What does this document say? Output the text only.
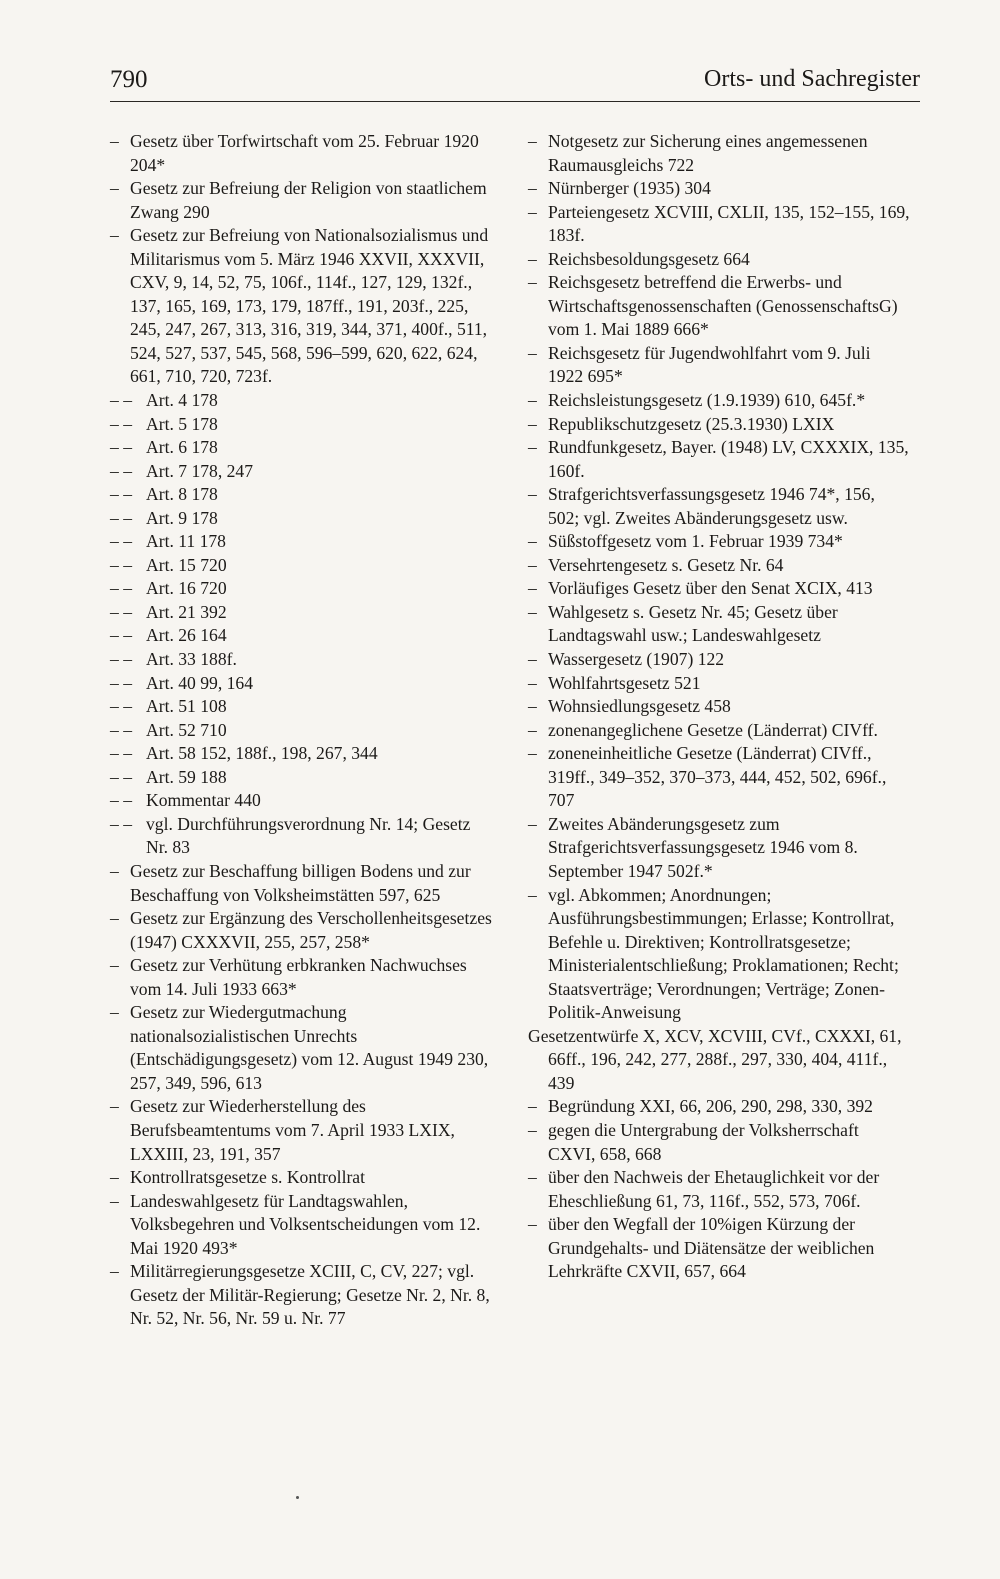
790	Orts- und Sachregister
– Gesetz über Torfwirtschaft vom 25. Februar 1920 204*
– Gesetz zur Befreiung der Religion von staatlichem Zwang 290
– Gesetz zur Befreiung von Nationalsozialismus und Militarismus vom 5. März 1946 XXVII, XXXVII, CXV, 9, 14, 52, 75, 106f., 114f., 127, 129, 132f., 137, 165, 169, 173, 179, 187ff., 191, 203f., 225, 245, 247, 267, 313, 316, 319, 344, 371, 400f., 511, 524, 527, 537, 545, 568, 596–599, 620, 622, 624, 661, 710, 720, 723f.
– – Art. 4 178
– – Art. 5 178
– – Art. 6 178
– – Art. 7 178, 247
– – Art. 8 178
– – Art. 9 178
– – Art. 11 178
– – Art. 15 720
– – Art. 16 720
– – Art. 21 392
– – Art. 26 164
– – Art. 33 188f.
– – Art. 40 99, 164
– – Art. 51 108
– – Art. 52 710
– – Art. 58 152, 188f., 198, 267, 344
– – Art. 59 188
– – Kommentar 440
– – vgl. Durchführungsverordnung Nr. 14; Gesetz Nr. 83
– Gesetz zur Beschaffung billigen Bodens und zur Beschaffung von Volksheimstätten 597, 625
– Gesetz zur Ergänzung des Verschollenheitsgesetzes (1947) CXXXVII, 255, 257, 258*
– Gesetz zur Verhütung erbkranken Nachwuchses vom 14. Juli 1933 663*
– Gesetz zur Wiedergutmachung nationalsozialistischen Unrechts (Entschädigungsgesetz) vom 12. August 1949 230, 257, 349, 596, 613
– Gesetz zur Wiederherstellung des Berufsbeamtentums vom 7. April 1933 LXIX, LXXIII, 23, 191, 357
– Kontrollratsgesetze s. Kontrollrat
– Landeswahlgesetz für Landtagswahlen, Volksbegehren und Volksentscheidungen vom 12. Mai 1920 493*
– Militärregierungsgesetze XCIII, C, CV, 227; vgl. Gesetz der Militär-Regierung; Gesetze Nr. 2, Nr. 8, Nr. 52, Nr. 56, Nr. 59 u. Nr. 77
– Notgesetz zur Sicherung eines angemessenen Raumausgleichs 722
– Nürnberger (1935) 304
– Parteiengesetz XCVIII, CXLII, 135, 152–155, 169, 183f.
– Reichsbesoldungsgesetz 664
– Reichsgesetz betreffend die Erwerbs- und Wirtschaftsgenossenschaften (GenossenschaftsG) vom 1. Mai 1889 666*
– Reichsgesetz für Jugendwohlfahrt vom 9. Juli 1922 695*
– Reichsleistungsgesetz (1.9.1939) 610, 645f.*
– Republikschutzgesetz (25.3.1930) LXIX
– Rundfunkgesetz, Bayer. (1948) LV, CXXXIX, 135, 160f.
– Strafgerichtsverfassungsgesetz 1946 74*, 156, 502; vgl. Zweites Abänderungsgesetz usw.
– Süßstoffgesetz vom 1. Februar 1939 734*
– Versehrtengesetz s. Gesetz Nr. 64
– Vorläufiges Gesetz über den Senat XCIX, 413
– Wahlgesetz s. Gesetz Nr. 45; Gesetz über Landtagswahl usw.; Landeswahlgesetz
– Wassergesetz (1907) 122
– Wohlfahrtsgesetz 521
– Wohnsiedlungsgesetz 458
– zonenangeglichene Gesetze (Länderrat) CIVff.
– zoneneinheitliche Gesetze (Länderrat) CIVff., 319ff., 349–352, 370–373, 444, 452, 502, 696f., 707
– Zweites Abänderungsgesetz zum Strafgerichtsverfassungsgesetz 1946 vom 8. September 1947 502f.*
– vgl. Abkommen; Anordnungen; Ausführungsbestimmungen; Erlasse; Kontrollrat, Befehle u. Direktiven; Kontrollratsgesetze; Ministerialentschließung; Proklamationen; Recht; Staatsverträge; Verordnungen; Verträge; Zonen-Politik-Anweisung
Gesetzentwürfe X, XCV, XCVIII, CVf., CXXXI, 61, 66ff., 196, 242, 277, 288f., 297, 330, 404, 411f., 439
– Begründung XXI, 66, 206, 290, 298, 330, 392
– gegen die Untergrabung der Volksherrschaft CXVI, 658, 668
– über den Nachweis der Ehetauglichkeit vor der Eheschließung 61, 73, 116f., 552, 573, 706f.
– über den Wegfall der 10%igen Kürzung der Grundgehalts- und Diätensätze der weiblichen Lehrkräfte CXVII, 657, 664
